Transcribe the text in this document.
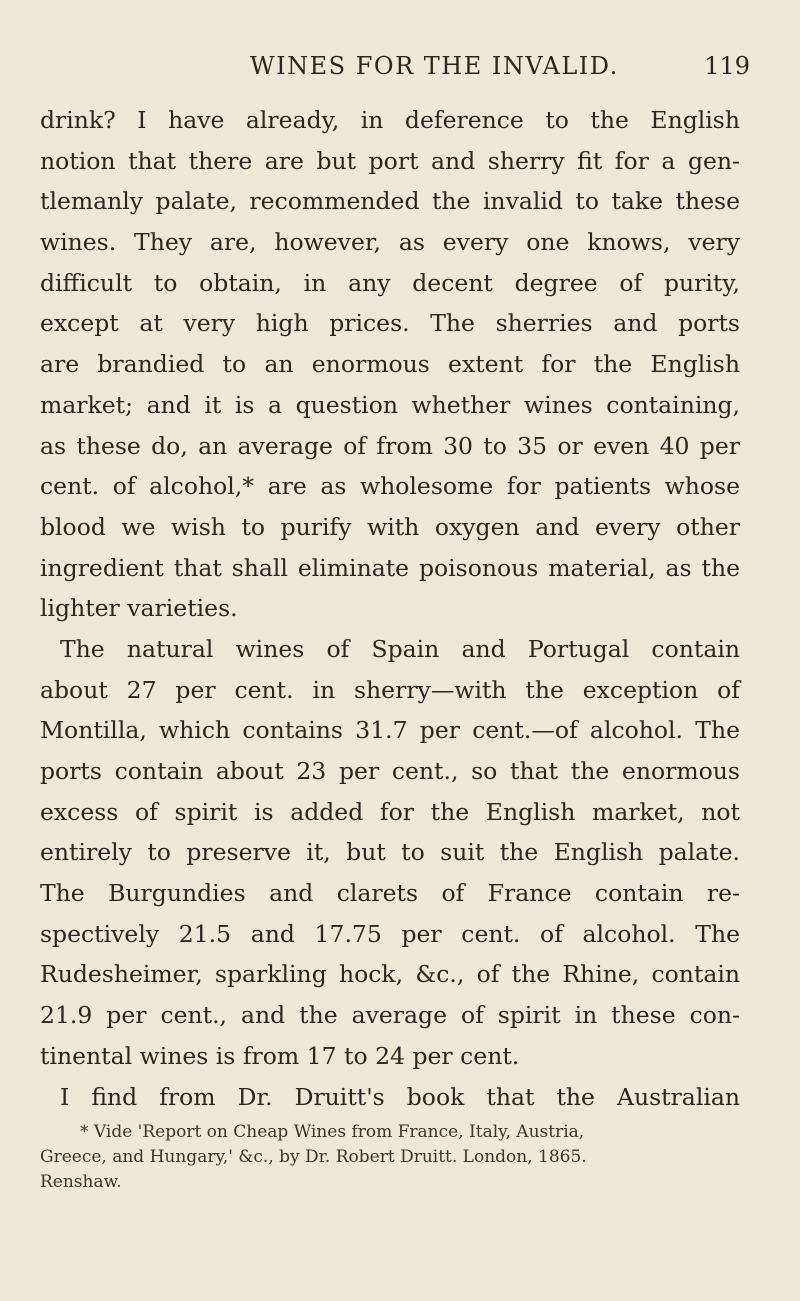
WINES FOR THE INVALID.	119
drink? I have already, in deference to the English
notion that there are but port and sherry fit for a gen-
tlemanly palate, recommended the invalid to take these
wines. They are, however, as every one knows, very
difficult to obtain, in any decent degree of purity,
except at very high prices. The sherries and ports
are brandied to an enormous extent for the English
market; and it is a question whether wines containing,
as these do, an average of from 30 to 35 or even 40 per
cent. of alcohol,* are as wholesome for patients whose
blood we wish to purify with oxygen and every other
ingredient that shall eliminate poisonous material, as the
lighter varieties.
The natural wines of Spain and Portugal contain
about 27 per cent. in sherry—with the exception of
Montilla, which contains 31.7 per cent.—of alcohol. The
ports contain about 23 per cent., so that the enormous
excess of spirit is added for the English market, not
entirely to preserve it, but to suit the English palate.
The Burgundies and clarets of France contain re-
spectively 21.5 and 17.75 per cent. of alcohol. The
Rudesheimer, sparkling hock, &c., of the Rhine, contain
21.9 per cent., and the average of spirit in these con-
tinental wines is from 17 to 24 per cent.
I find from Dr. Druitt's book that the Australian
* Vide 'Report on Cheap Wines from France, Italy, Austria,
Greece, and Hungary,' &c., by Dr. Robert Druitt. London, 1865.
Renshaw.
